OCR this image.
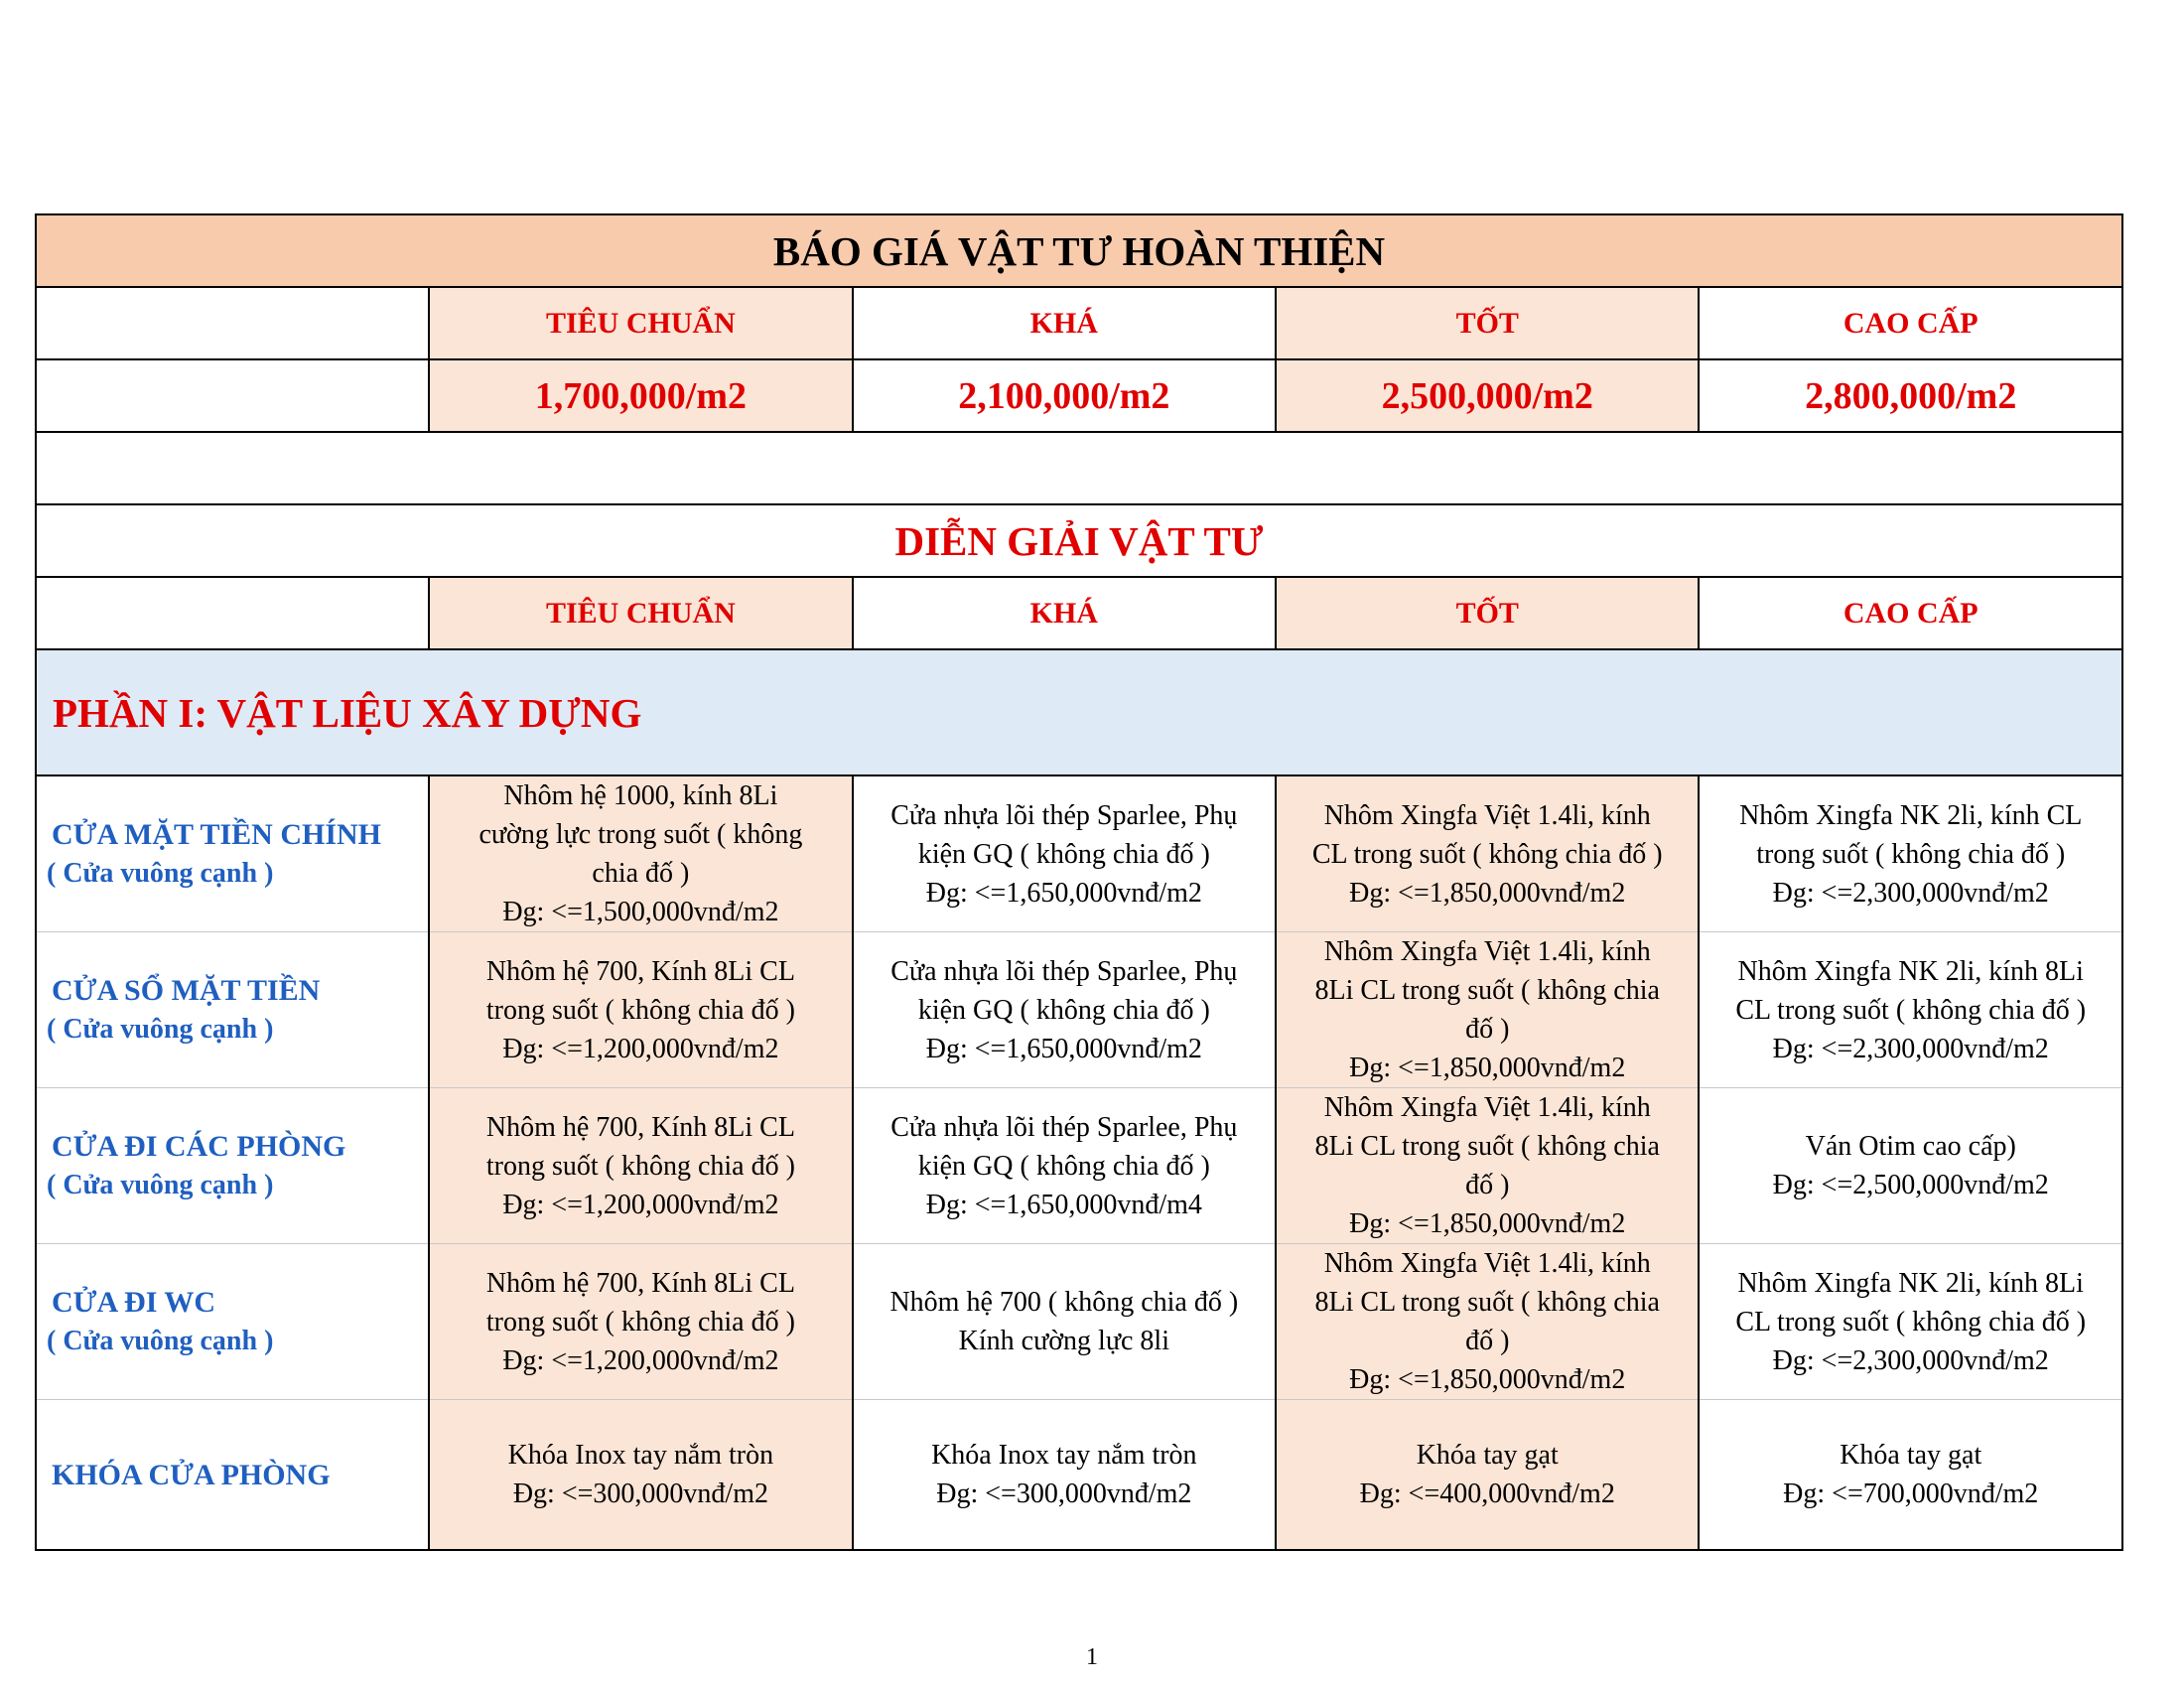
BÁO GIÁ VẬT TƯ HOÀN THIỆN				
	TIÊU CHUẨN	KHÁ	TỐT	CAO CẤP
	1,700,000/m2	2,100,000/m2	2,500,000/m2	2,800,000/m2

DIỄN GIẢI VẬT TƯ				
	TIÊU CHUẨN	KHÁ	TỐT	CAO CẤP
PHẦN I: VẬT LIỆU XÂY DỰNG				

CỬA MẶT TIỀN CHÍNH
( Cửa vuông cạnh )	Nhôm hệ 1000, kính 8Li
cường lực trong suốt ( không
chia đố )
Đg: <=1,500,000vnđ/m2	Cửa nhựa lõi thép Sparlee, Phụ
kiện GQ ( không chia đố )
Đg: <=1,650,000vnđ/m2	Nhôm Xingfa Việt 1.4li, kính
CL trong suốt ( không chia đố )
Đg: <=1,850,000vnđ/m2	Nhôm Xingfa NK 2li, kính CL
trong suốt ( không chia đố )
Đg: <=2,300,000vnđ/m2

CỬA SỔ MẶT TIỀN
( Cửa vuông cạnh )	Nhôm hệ 700, Kính 8Li CL
trong suốt ( không chia đố )
Đg: <=1,200,000vnđ/m2	Cửa nhựa lõi thép Sparlee, Phụ
kiện GQ ( không chia đố )
Đg: <=1,650,000vnđ/m2	Nhôm Xingfa Việt 1.4li, kính
8Li CL trong suốt ( không chia
đố )
Đg: <=1,850,000vnđ/m2	Nhôm Xingfa NK 2li, kính 8Li
CL trong suốt ( không chia đố )
Đg: <=2,300,000vnđ/m2

CỬA ĐI CÁC PHÒNG
( Cửa vuông cạnh )	Nhôm hệ 700, Kính 8Li CL
trong suốt ( không chia đố )
Đg: <=1,200,000vnđ/m2	Cửa nhựa lõi thép Sparlee, Phụ
kiện GQ ( không chia đố )
Đg: <=1,650,000vnđ/m4	Nhôm Xingfa Việt 1.4li, kính
8Li CL trong suốt ( không chia
đố )
Đg: <=1,850,000vnđ/m2	Ván Otim cao cấp)
Đg: <=2,500,000vnđ/m2

CỬA ĐI WC
( Cửa vuông cạnh )	Nhôm hệ 700, Kính 8Li CL
trong suốt ( không chia đố )
Đg: <=1,200,000vnđ/m2	Nhôm hệ 700 ( không chia đố )
Kính cường lực 8li	Nhôm Xingfa Việt 1.4li, kính
8Li CL trong suốt ( không chia
đố )
Đg: <=1,850,000vnđ/m2	Nhôm Xingfa NK 2li, kính 8Li
CL trong suốt ( không chia đố )
Đg: <=2,300,000vnđ/m2

KHÓA CỬA PHÒNG	Khóa Inox tay nắm tròn
Đg: <=300,000vnđ/m2	Khóa Inox tay nắm tròn
Đg: <=300,000vnđ/m2	Khóa tay gạt
Đg: <=400,000vnđ/m2	Khóa tay gạt
Đg: <=700,000vnđ/m2
1
